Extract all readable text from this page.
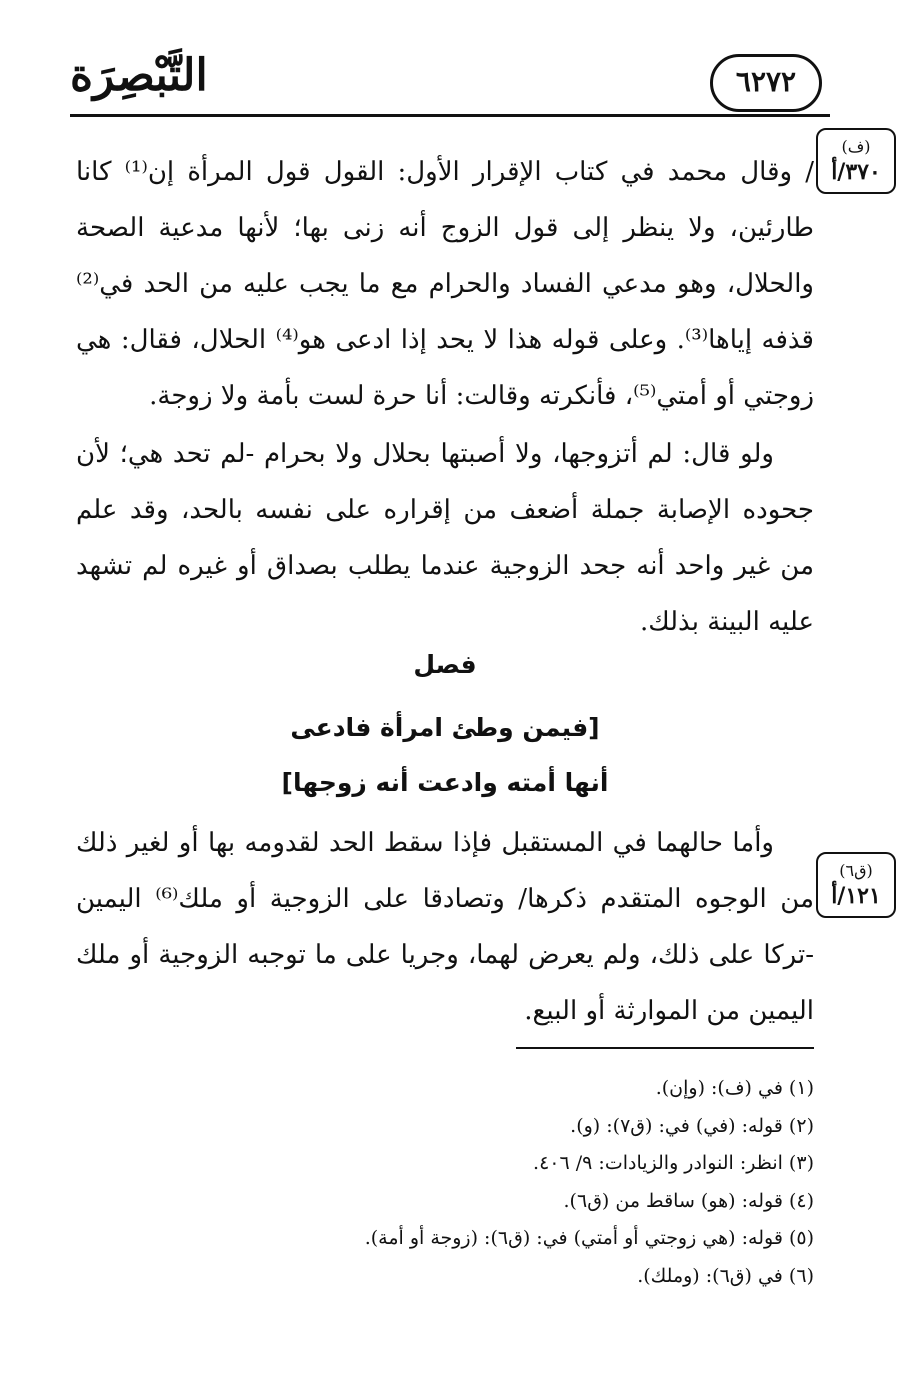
التَّبْصِرَة	٦٢٧٢
(ف)
٣٧٠/أ
(ق٦)
١٢١/أ

/ وقال محمد في كتاب الإقرار الأول: القول قول المرأة إن⁽¹⁾ كانا طارئين، ولا ينظر إلى قول الزوج أنه زنى بها؛ لأنها مدعية الصحة والحلال، وهو مدعي الفساد والحرام مع ما يجب عليه من الحد في⁽²⁾ قذفه إياها⁽³⁾. وعلى قوله هذا لا يحد إذا ادعى هو⁽⁴⁾ الحلال، فقال: هي زوجتي أو أمتي⁽⁵⁾، فأنكرته وقالت: أنا حرة لست بأمة ولا زوجة.

ولو قال: لم أتزوجها، ولا أصبتها بحلال ولا بحرام -لم تحد هي؛ لأن جحوده الإصابة جملة أضعف من إقراره على نفسه بالحد، وقد علم من غير واحد أنه جحد الزوجية عندما يطلب بصداق أو غيره لم تشهد عليه البينة بذلك.

فصل
[فيمن وطئ امرأة فادعى
أنها أمته وادعت أنه زوجها]

وأما حالهما في المستقبل فإذا سقط الحد لقدومه بها أو لغير ذلك من الوجوه المتقدم ذكرها/ وتصادقا على الزوجية أو ملك⁽⁶⁾ اليمين -تركا على ذلك، ولم يعرض لهما، وجريا على ما توجبه الزوجية أو ملك اليمين من الموارثة أو البيع.

(١) في (ف): (وإن).
(٢) قوله: (في) في: (ق٧): (و).
(٣) انظر: النوادر والزيادات: ٩/ ٤٠٦.
(٤) قوله: (هو) ساقط من (ق٦).
(٥) قوله: (هي زوجتي أو أمتي) في: (ق٦): (زوجة أو أمة).
(٦) في (ق٦): (وملك).
